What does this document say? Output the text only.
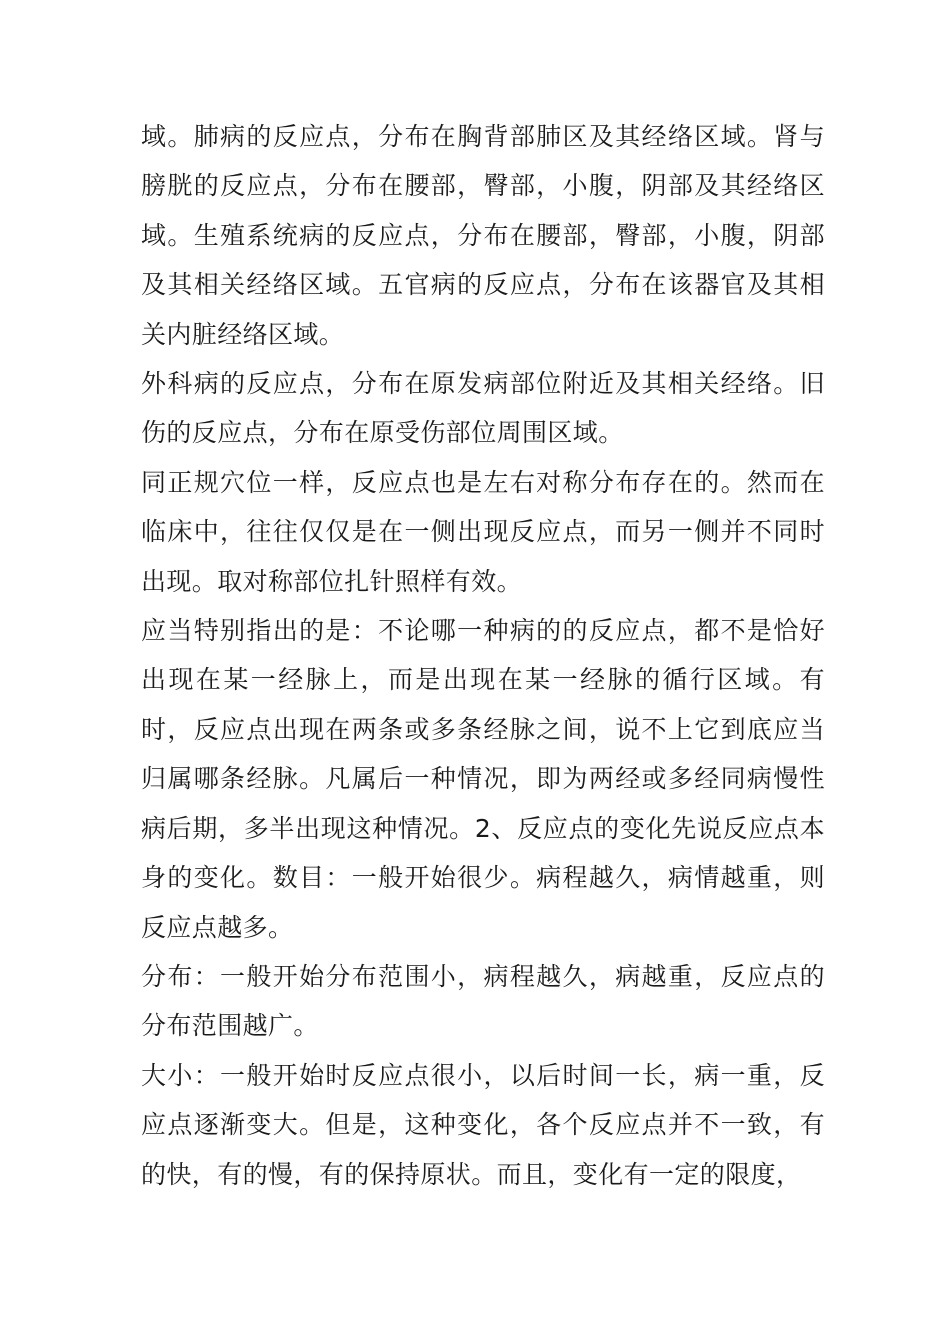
域。肺病的反应点，分布在胸背部肺区及其经络区域。肾与膀胱的反应点，分布在腰部，臀部，小腹，阴部及其经络区域。生殖系统病的反应点，分布在腰部，臀部，小腹，阴部及其相关经络区域。五官病的反应点，分布在该器官及其相关内脏经络区域。

外科病的反应点，分布在原发病部位附近及其相关经络。旧伤的反应点，分布在原受伤部位周围区域。

同正规穴位一样，反应点也是左右对称分布存在的。然而在临床中，往往仅仅是在一侧出现反应点，而另一侧并不同时出现。取对称部位扎针照样有效。

应当特别指出的是：不论哪一种病的的反应点，都不是恰好出现在某一经脉上，而是出现在某一经脉的循行区域。有时，反应点出现在两条或多条经脉之间，说不上它到底应当归属哪条经脉。凡属后一种情况，即为两经或多经同病慢性病后期，多半出现这种情况。2、反应点的变化先说反应点本身的变化。数目：一般开始很少。病程越久，病情越重，则反应点越多。

分布：一般开始分布范围小，病程越久，病越重，反应点的分布范围越广。

大小：一般开始时反应点很小，以后时间一长，病一重，反应点逐渐变大。但是，这种变化，各个反应点并不一致，有的快，有的慢，有的保持原状。而且，变化有一定的限度，
